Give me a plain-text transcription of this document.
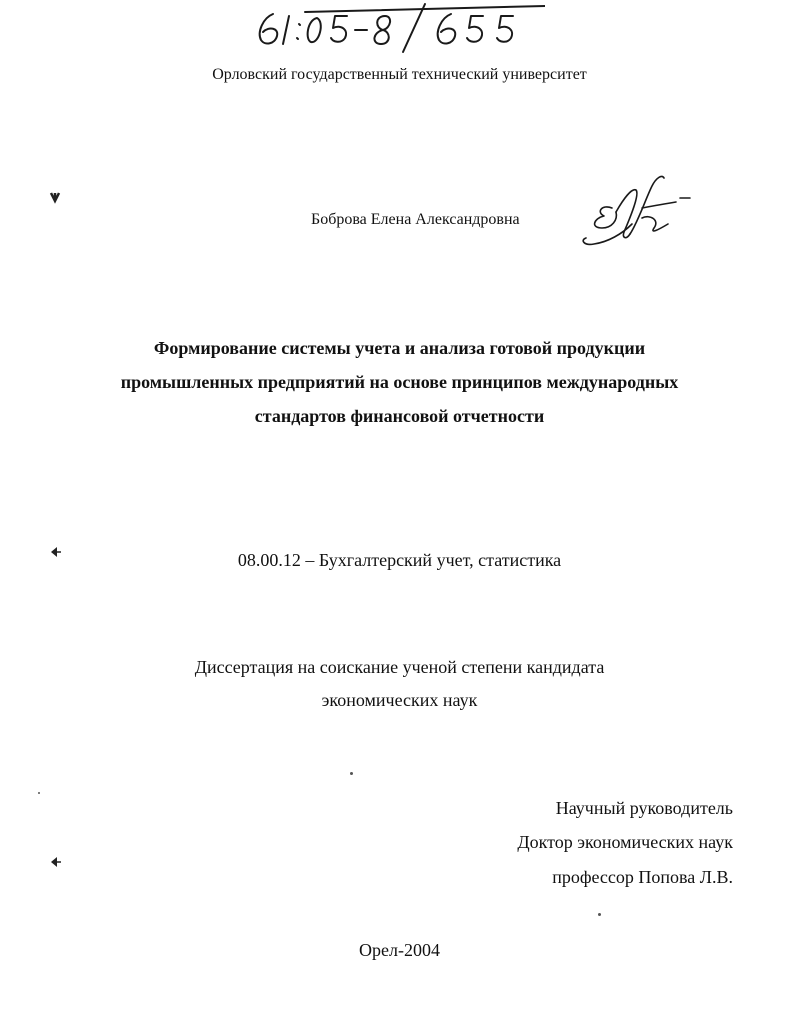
Орловский государственный технический университет
Боброва Елена Александровна
Формирование системы учета и анализа готовой продукции
промышленных предприятий на основе принципов международных
стандартов финансовой отчетности
08.00.12 – Бухгалтерский учет, статистика
Диссертация на соискание ученой степени кандидата
экономических наук
Научный руководитель
Доктор экономических наук
профессор Попова Л.В.
Орел-2004
